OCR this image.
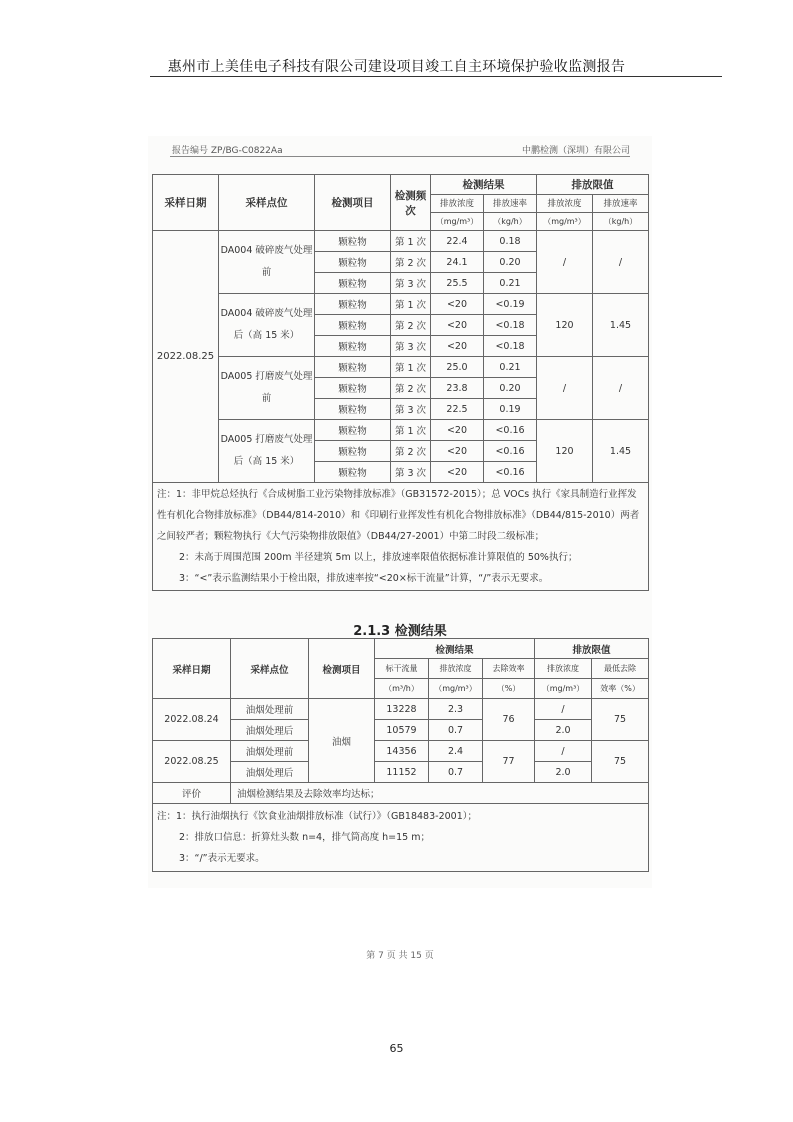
惠州市上美佳电子科技有限公司建设项目竣工自主环境保护验收监测报告
报告编号 ZP/BG-C0822Aa	中鹏检测（深圳）有限公司
采样日期	采样点位	检测项目	检测频次	检测结果		排放限值	
				排放浓度	排放速率	排放浓度	排放速率
				（mg/m³）	（kg/h）	（mg/m³）	（kg/h）
2022.08.25	DA004 破碎废气处理前	颗粒物	第 1 次	22.4	0.18	/	/
		颗粒物	第 2 次	24.1	0.20		
		颗粒物	第 3 次	25.5	0.21		
	DA004 破碎废气处理后（高 15 米）	颗粒物	第 1 次	<20	<0.19	120	1.45
		颗粒物	第 2 次	<20	<0.18		
		颗粒物	第 3 次	<20	<0.18		
	DA005 打磨废气处理前	颗粒物	第 1 次	25.0	0.21	/	/
		颗粒物	第 2 次	23.8	0.20		
		颗粒物	第 3 次	22.5	0.19		
	DA005 打磨废气处理后（高 15 米）	颗粒物	第 1 次	<20	<0.16	120	1.45
		颗粒物	第 2 次	<20	<0.16		
		颗粒物	第 3 次	<20	<0.16		

注：1：非甲烷总烃执行《合成树脂工业污染物排放标准》（GB31572-2015）；总 VOCs 执行《家具制造行业挥发性有机化合物排放标准》（DB44/814-2010）和《印刷行业挥发性有机化合物排放标准》（DB44/815-2010）两者之间较严者；颗粒物执行《大气污染物排放限值》（DB44/27-2001）中第二时段二级标准；
2：未高于周围范围 200m 半径建筑 5m 以上，排放速率限值依据标准计算限值的 50%执行；
3：“<”表示监测结果小于检出限，排放速率按“<20×标干流量”计算，“/”表示无要求。							
2.1.3 检测结果
采样日期	采样点位	检测项目	检测结果			排放限值	
			标干流量	排放浓度	去除效率	排放浓度	最低去除
			（m³/h）	（mg/m³）	（%）	（mg/m³）	效率（%）
2022.08.24	油烟处理前	油烟	13228	2.3	76	/	75
	油烟处理后		10579	0.7		2.0	
2022.08.25	油烟处理前		14356	2.4	77	/	75
	油烟处理后		11152	0.7		2.0	
评价	油烟检测结果及去除效率均达标；						

注：1：执行油烟执行《饮食业油烟排放标准（试行）》（GB18483-2001）；
2：排放口信息：折算灶头数 n=4，排气筒高度 h=15 m；
3：“/”表示无要求。							
第 7 页 共 15 页
65
